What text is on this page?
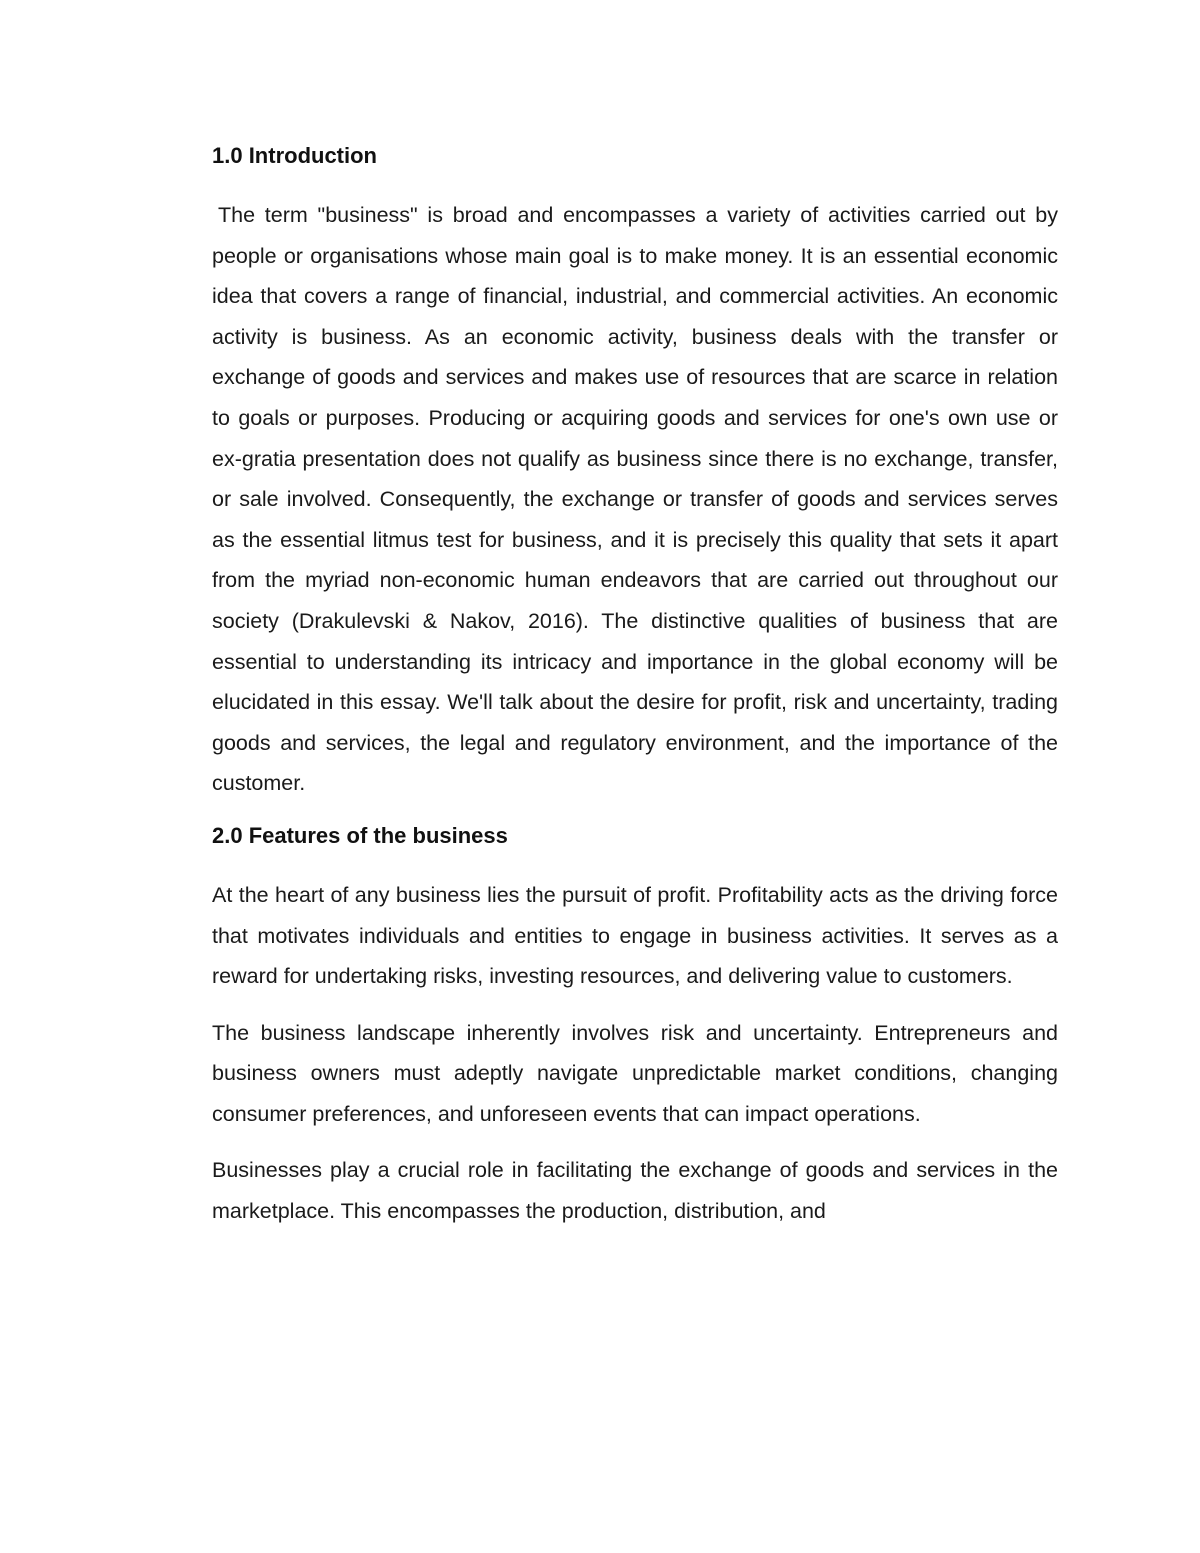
1.0 Introduction

The term "business" is broad and encompasses a variety of activities carried out by people or organisations whose main goal is to make money. It is an essential economic idea that covers a range of financial, industrial, and commercial activities. An economic activity is business. As an economic activity, business deals with the transfer or exchange of goods and services and makes use of resources that are scarce in relation to goals or purposes. Producing or acquiring goods and services for one's own use or ex-gratia presentation does not qualify as business since there is no exchange, transfer, or sale involved. Consequently, the exchange or transfer of goods and services serves as the essential litmus test for business, and it is precisely this quality that sets it apart from the myriad non-economic human endeavors that are carried out throughout our society (Drakulevski & Nakov, 2016). The distinctive qualities of business that are essential to understanding its intricacy and importance in the global economy will be elucidated in this essay. We'll talk about the desire for profit, risk and uncertainty, trading goods and services, the legal and regulatory environment, and the importance of the customer.

2.0 Features of the business

At the heart of any business lies the pursuit of profit. Profitability acts as the driving force that motivates individuals and entities to engage in business activities. It serves as a reward for undertaking risks, investing resources, and delivering value to customers.

The business landscape inherently involves risk and uncertainty. Entrepreneurs and business owners must adeptly navigate unpredictable market conditions, changing consumer preferences, and unforeseen events that can impact operations.

Businesses play a crucial role in facilitating the exchange of goods and services in the marketplace. This encompasses the production, distribution, and
